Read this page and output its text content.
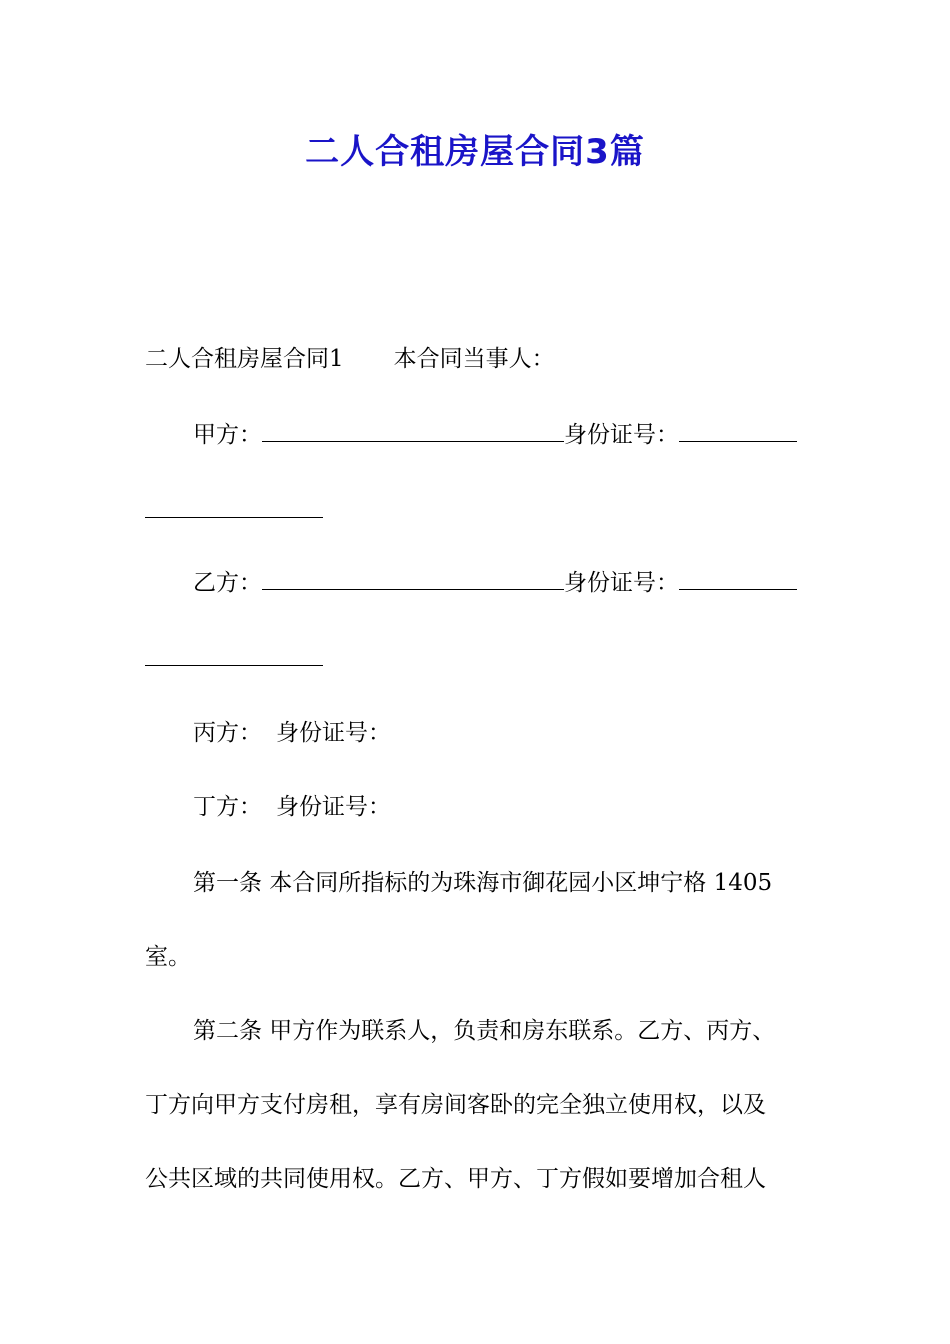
二人合租房屋合同3篇
二人合租房屋合同1 本合同当事人：
甲方：	身份证号：
乙方：	身份证号：
丙方： 身份证号：
丁方： 身份证号：
第一条 本合同所指标的为珠海市御花园小区坤宁格 1405
室。
第二条 甲方作为联系人，负责和房东联系。乙方、丙方、
丁方向甲方支付房租，享有房间客卧的完全独立使用权，以及
公共区域的共同使用权。乙方、甲方、丁方假如要增加合租人
